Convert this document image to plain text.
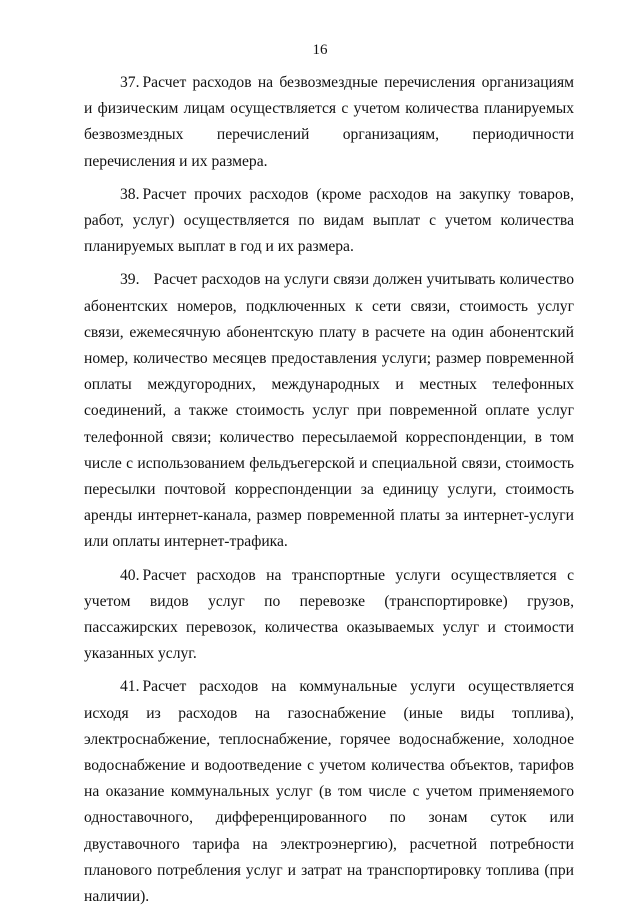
16

37. Расчет расходов на безвозмездные перечисления организациям и физическим лицам осуществляется с учетом количества планируемых безвозмездных перечислений организациям, периодичности перечисления и их размера.

38. Расчет прочих расходов (кроме расходов на закупку товаров, работ, услуг) осуществляется по видам выплат с учетом количества планируемых выплат в год и их размера.

39. Расчет расходов на услуги связи должен учитывать количество абонентских номеров, подключенных к сети связи, стоимость услуг связи, ежемесячную абонентскую плату в расчете на один абонентский номер, количество месяцев предоставления услуги; размер повременной оплаты междугородних, международных и местных телефонных соединений, а также стоимость услуг при повременной оплате услуг телефонной связи; количество пересылаемой корреспонденции, в том числе с использованием фельдъегерской и специальной связи, стоимость пересылки почтовой корреспонденции за единицу услуги, стоимость аренды интернет-канала, размер повременной платы за интернет-услуги или оплаты интернет-трафика.

40. Расчет расходов на транспортные услуги осуществляется с учетом видов услуг по перевозке (транспортировке) грузов, пассажирских перевозок, количества оказываемых услуг и стоимости указанных услуг.

41. Расчет расходов на коммунальные услуги осуществляется исходя из расходов на газоснабжение (иные виды топлива), электроснабжение, теплоснабжение, горячее водоснабжение, холодное водоснабжение и водоотведение с учетом количества объектов, тарифов на оказание коммунальных услуг (в том числе с учетом применяемого одноставочного, дифференцированного по зонам суток или двуставочного тарифа на электроэнергию), расчетной потребности планового потребления услуг и затрат на транспортировку топлива (при наличии).
